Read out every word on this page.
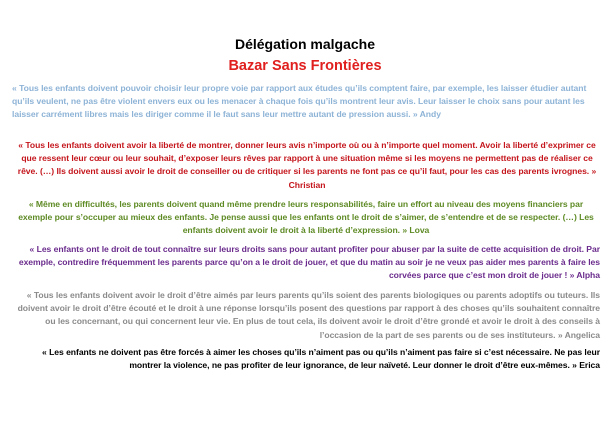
Délégation malgache
Bazar Sans Frontières

« Tous les enfants doivent pouvoir choisir leur propre voie par rapport aux études qu’ils comptent faire, par exemple, les laisser étudier autant qu’ils veulent, ne pas être violent envers eux ou les menacer à chaque fois qu’ils montrent leur avis. Leur laisser le choix sans pour autant les laisser carrément libres mais les diriger comme il le faut sans leur mettre autant de pression aussi. » Andy

« Tous les enfants doivent avoir la liberté de montrer, donner leurs avis n’importe où ou à n’importe quel moment. Avoir la liberté d’exprimer ce que ressent leur cœur ou leur souhait, d’exposer leurs rêves par rapport à une situation même si les moyens ne permettent pas de réaliser ce rêve. (…) Ils doivent aussi avoir le droit de conseiller ou de critiquer si les parents ne font pas ce qu’il faut, pour les cas des parents ivrognes. » Christian

« Même en difficultés, les parents doivent quand même prendre leurs responsabilités, faire un effort au niveau des moyens financiers par exemple pour s’occuper au mieux des enfants. Je pense aussi que les enfants ont le droit de s’aimer, de s’entendre et de se respecter. (…) Les enfants doivent avoir le droit à la liberté d’expression. » Lova

« Les enfants ont le droit de tout connaître sur leurs droits sans pour autant profiter pour abuser par la suite de cette acquisition de droit. Par exemple, contredire fréquemment les parents parce qu’on a le droit de jouer, et que du matin au soir je ne veux pas aider mes parents à faire les corvées parce que c’est mon droit de jouer ! » Alpha

« Tous les enfants doivent avoir le droit d’être aimés par leurs parents qu’ils soient des parents biologiques ou parents adoptifs ou tuteurs. Ils doivent avoir le droit d’être écouté et le droit à une réponse lorsqu’ils posent des questions par rapport à des choses qu’ils souhaitent connaître ou les concernant, ou qui concernent leur vie. En plus de tout cela, ils doivent avoir le droit d’être grondé et avoir le droit à des conseils à l’occasion de la part de ses parents ou de ses instituteurs. » Angelica

« Les enfants ne doivent pas être forcés à aimer les choses qu’ils n’aiment pas ou qu’ils n’aiment pas faire si c’est nécessaire. Ne pas leur montrer la violence, ne pas profiter de leur ignorance, de leur naïveté. Leur donner le droit d’être eux-mêmes. » Erica
